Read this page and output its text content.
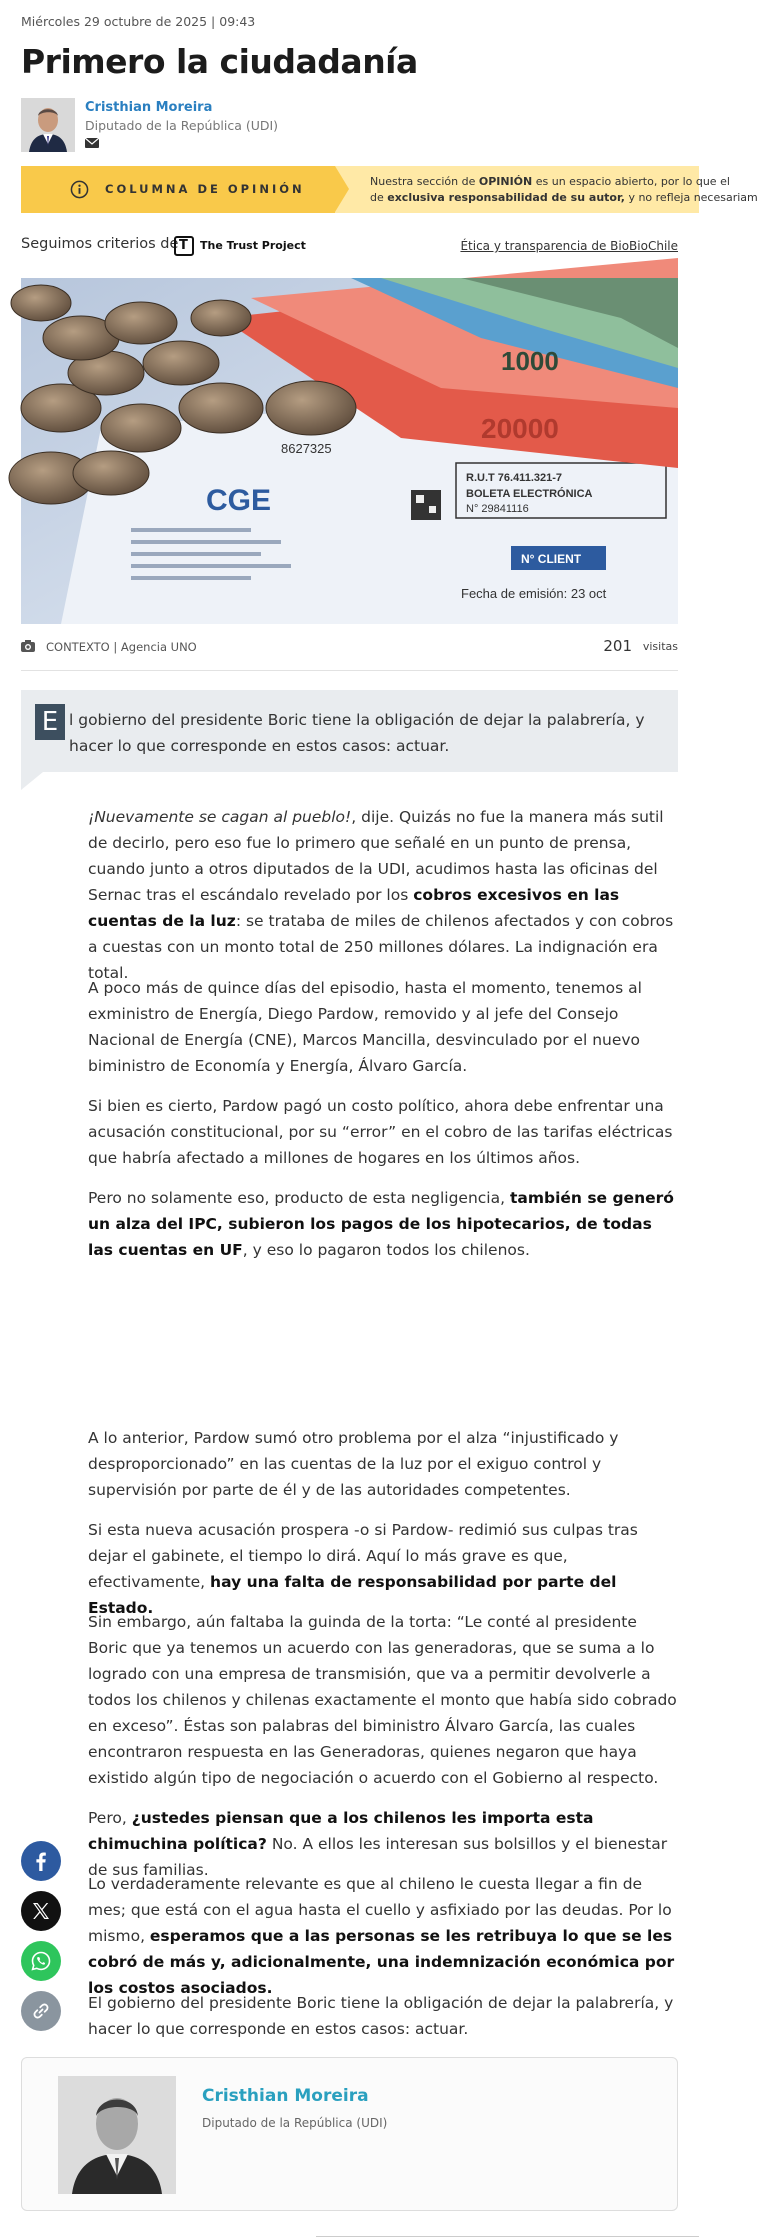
Miércoles 29 octubre de 2025 | 09:43
Primero la ciudadanía
Cristhian Moreira
Diputado de la República (UDI)
COLUMNA DE OPINIÓN
Nuestra sección de OPINIÓN es un espacio abierto, por lo que el
de exclusiva responsabilidad de su autor, y no refleja necesariam
Seguimos criterios de T The Trust Project	Ética y transparencia de BioBioChile
CGE
8627325
R.U.T 76.411.321-7
BOLETA ELECTRÓNICA
N° 29841116
N° CLIENT
Fecha de emisión: 23 oct
1000
20000
CONTEXTO | Agencia UNO	201 visitas
E l gobierno del presidente Boric tiene la obligación de dejar la palabrería, y hacer lo que corresponde en estos casos: actuar.

¡Nuevamente se cagan al pueblo!, dije. Quizás no fue la manera más sutil de decirlo, pero eso fue lo primero que señalé en un punto de prensa, cuando junto a otros diputados de la UDI, acudimos hasta las oficinas del Sernac tras el escándalo revelado por los cobros excesivos en las cuentas de la luz: se trataba de miles de chilenos afectados y con cobros a cuestas con un monto total de 250 millones dólares. La indignación era total.

A poco más de quince días del episodio, hasta el momento, tenemos al exministro de Energía, Diego Pardow, removido y al jefe del Consejo Nacional de Energía (CNE), Marcos Mancilla, desvinculado por el nuevo biministro de Economía y Energía, Álvaro García.

Si bien es cierto, Pardow pagó un costo político, ahora debe enfrentar una acusación constitucional, por su “error” en el cobro de las tarifas eléctricas que habría afectado a millones de hogares en los últimos años.

Pero no solamente eso, producto de esta negligencia, también se generó un alza del IPC, subieron los pagos de los hipotecarios, de todas las cuentas en UF, y eso lo pagaron todos los chilenos.

A lo anterior, Pardow sumó otro problema por el alza “injustificado y desproporcionado” en las cuentas de la luz por el exiguo control y supervisión por parte de él y de las autoridades competentes.

Si esta nueva acusación prospera -o si Pardow- redimió sus culpas tras dejar el gabinete, el tiempo lo dirá. Aquí lo más grave es que, efectivamente, hay una falta de responsabilidad por parte del Estado.

Sin embargo, aún faltaba la guinda de la torta: “Le conté al presidente Boric que ya tenemos un acuerdo con las generadoras, que se suma a lo logrado con una empresa de transmisión, que va a permitir devolverle a todos los chilenos y chilenas exactamente el monto que había sido cobrado en exceso”. Éstas son palabras del biministro Álvaro García, las cuales encontraron respuesta en las Generadoras, quienes negaron que haya existido algún tipo de negociación o acuerdo con el Gobierno al respecto.

Pero, ¿ustedes piensan que a los chilenos les importa esta chimuchina política? No. A ellos les interesan sus bolsillos y el bienestar de sus familias.

Lo verdaderamente relevante es que al chileno le cuesta llegar a fin de mes; que está con el agua hasta el cuello y asfixiado por las deudas. Por lo mismo, esperamos que a las personas se les retribuya lo que se les cobró de más y, adicionalmente, una indemnización económica por los costos asociados.

El gobierno del presidente Boric tiene la obligación de dejar la palabrería, y hacer lo que corresponde en estos casos: actuar.

Cristhian Moreira
Diputado de la República (UDI)
